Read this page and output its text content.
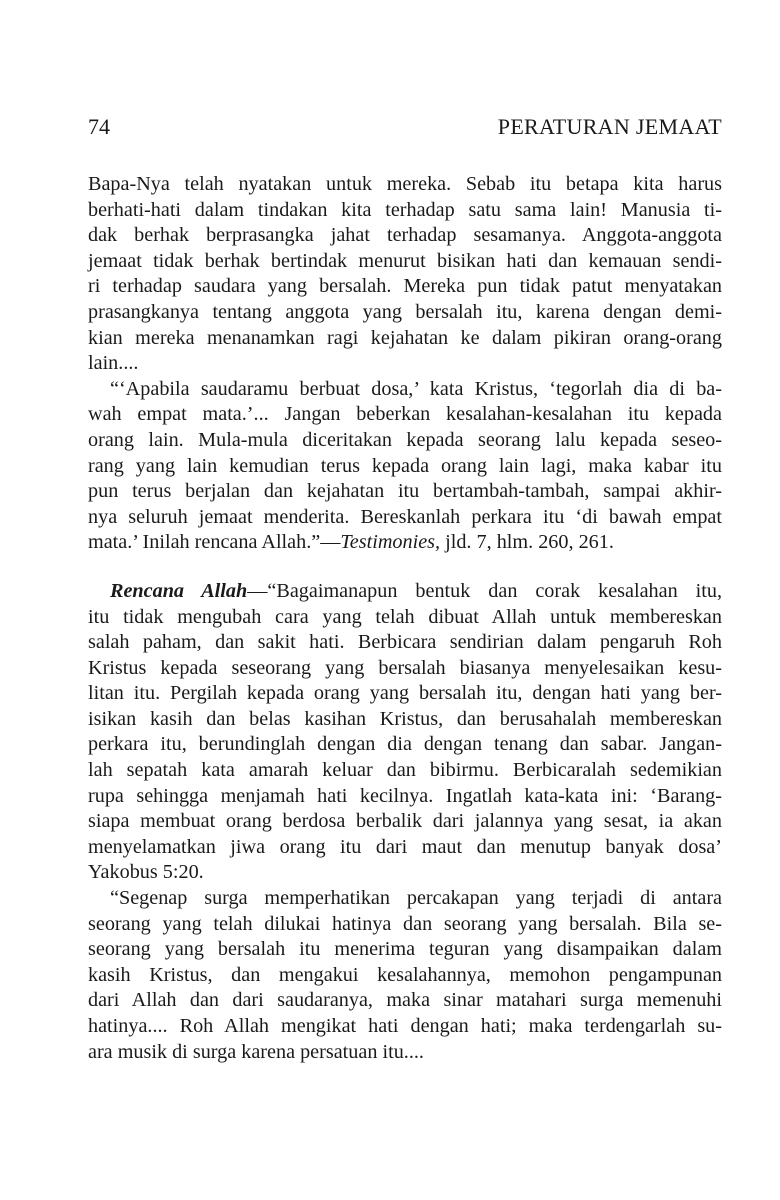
74	PERATURAN JEMAAT
Bapa-Nya telah nyatakan untuk mereka. Sebab itu betapa kita harus
berhati-hati dalam tindakan kita terhadap satu sama lain! Manusia ti-
dak berhak berprasangka jahat terhadap sesamanya. Anggota-anggota
jemaat tidak berhak bertindak menurut bisikan hati dan kemauan sendi-
ri terhadap saudara yang bersalah. Mereka pun tidak patut menyatakan
prasangkanya tentang anggota yang bersalah itu, karena dengan demi-
kian mereka menanamkan ragi kejahatan ke dalam pikiran orang-orang
lain....
“‘Apabila saudaramu berbuat dosa,’ kata Kristus, ‘tegorlah dia di ba-
wah empat mata.’... Jangan beberkan kesalahan-kesalahan itu kepada
orang lain. Mula-mula diceritakan kepada seorang lalu kepada seseo-
rang yang lain kemudian terus kepada orang lain lagi, maka kabar itu
pun terus berjalan dan kejahatan itu bertambah-tambah, sampai akhir-
nya seluruh jemaat menderita. Bereskanlah perkara itu ‘di bawah empat
mata.’ Inilah rencana Allah.”—Testimonies, jld. 7, hlm. 260, 261.
Rencana Allah—“Bagaimanapun bentuk dan corak kesalahan itu,
itu tidak mengubah cara yang telah dibuat Allah untuk membereskan
salah paham, dan sakit hati. Berbicara sendirian dalam pengaruh Roh
Kristus kepada seseorang yang bersalah biasanya menyelesaikan kesu-
litan itu. Pergilah kepada orang yang bersalah itu, dengan hati yang ber-
isikan kasih dan belas kasihan Kristus, dan berusahalah membereskan
perkara itu, berundinglah dengan dia dengan tenang dan sabar. Jangan-
lah sepatah kata amarah keluar dan bibirmu. Berbicaralah sedemikian
rupa sehingga menjamah hati kecilnya. Ingatlah kata-kata ini: ‘Barang-
siapa membuat orang berdosa berbalik dari jalannya yang sesat, ia akan
menyelamatkan jiwa orang itu dari maut dan menutup banyak dosa’
Yakobus 5:20.
“Segenap surga memperhatikan percakapan yang terjadi di antara
seorang yang telah dilukai hatinya dan seorang yang bersalah. Bila se-
seorang yang bersalah itu menerima teguran yang disampaikan dalam
kasih Kristus, dan mengakui kesalahannya, memohon pengampunan
dari Allah dan dari saudaranya, maka sinar matahari surga memenuhi
hatinya.... Roh Allah mengikat hati dengan hati; maka terdengarlah su-
ara musik di surga karena persatuan itu....
